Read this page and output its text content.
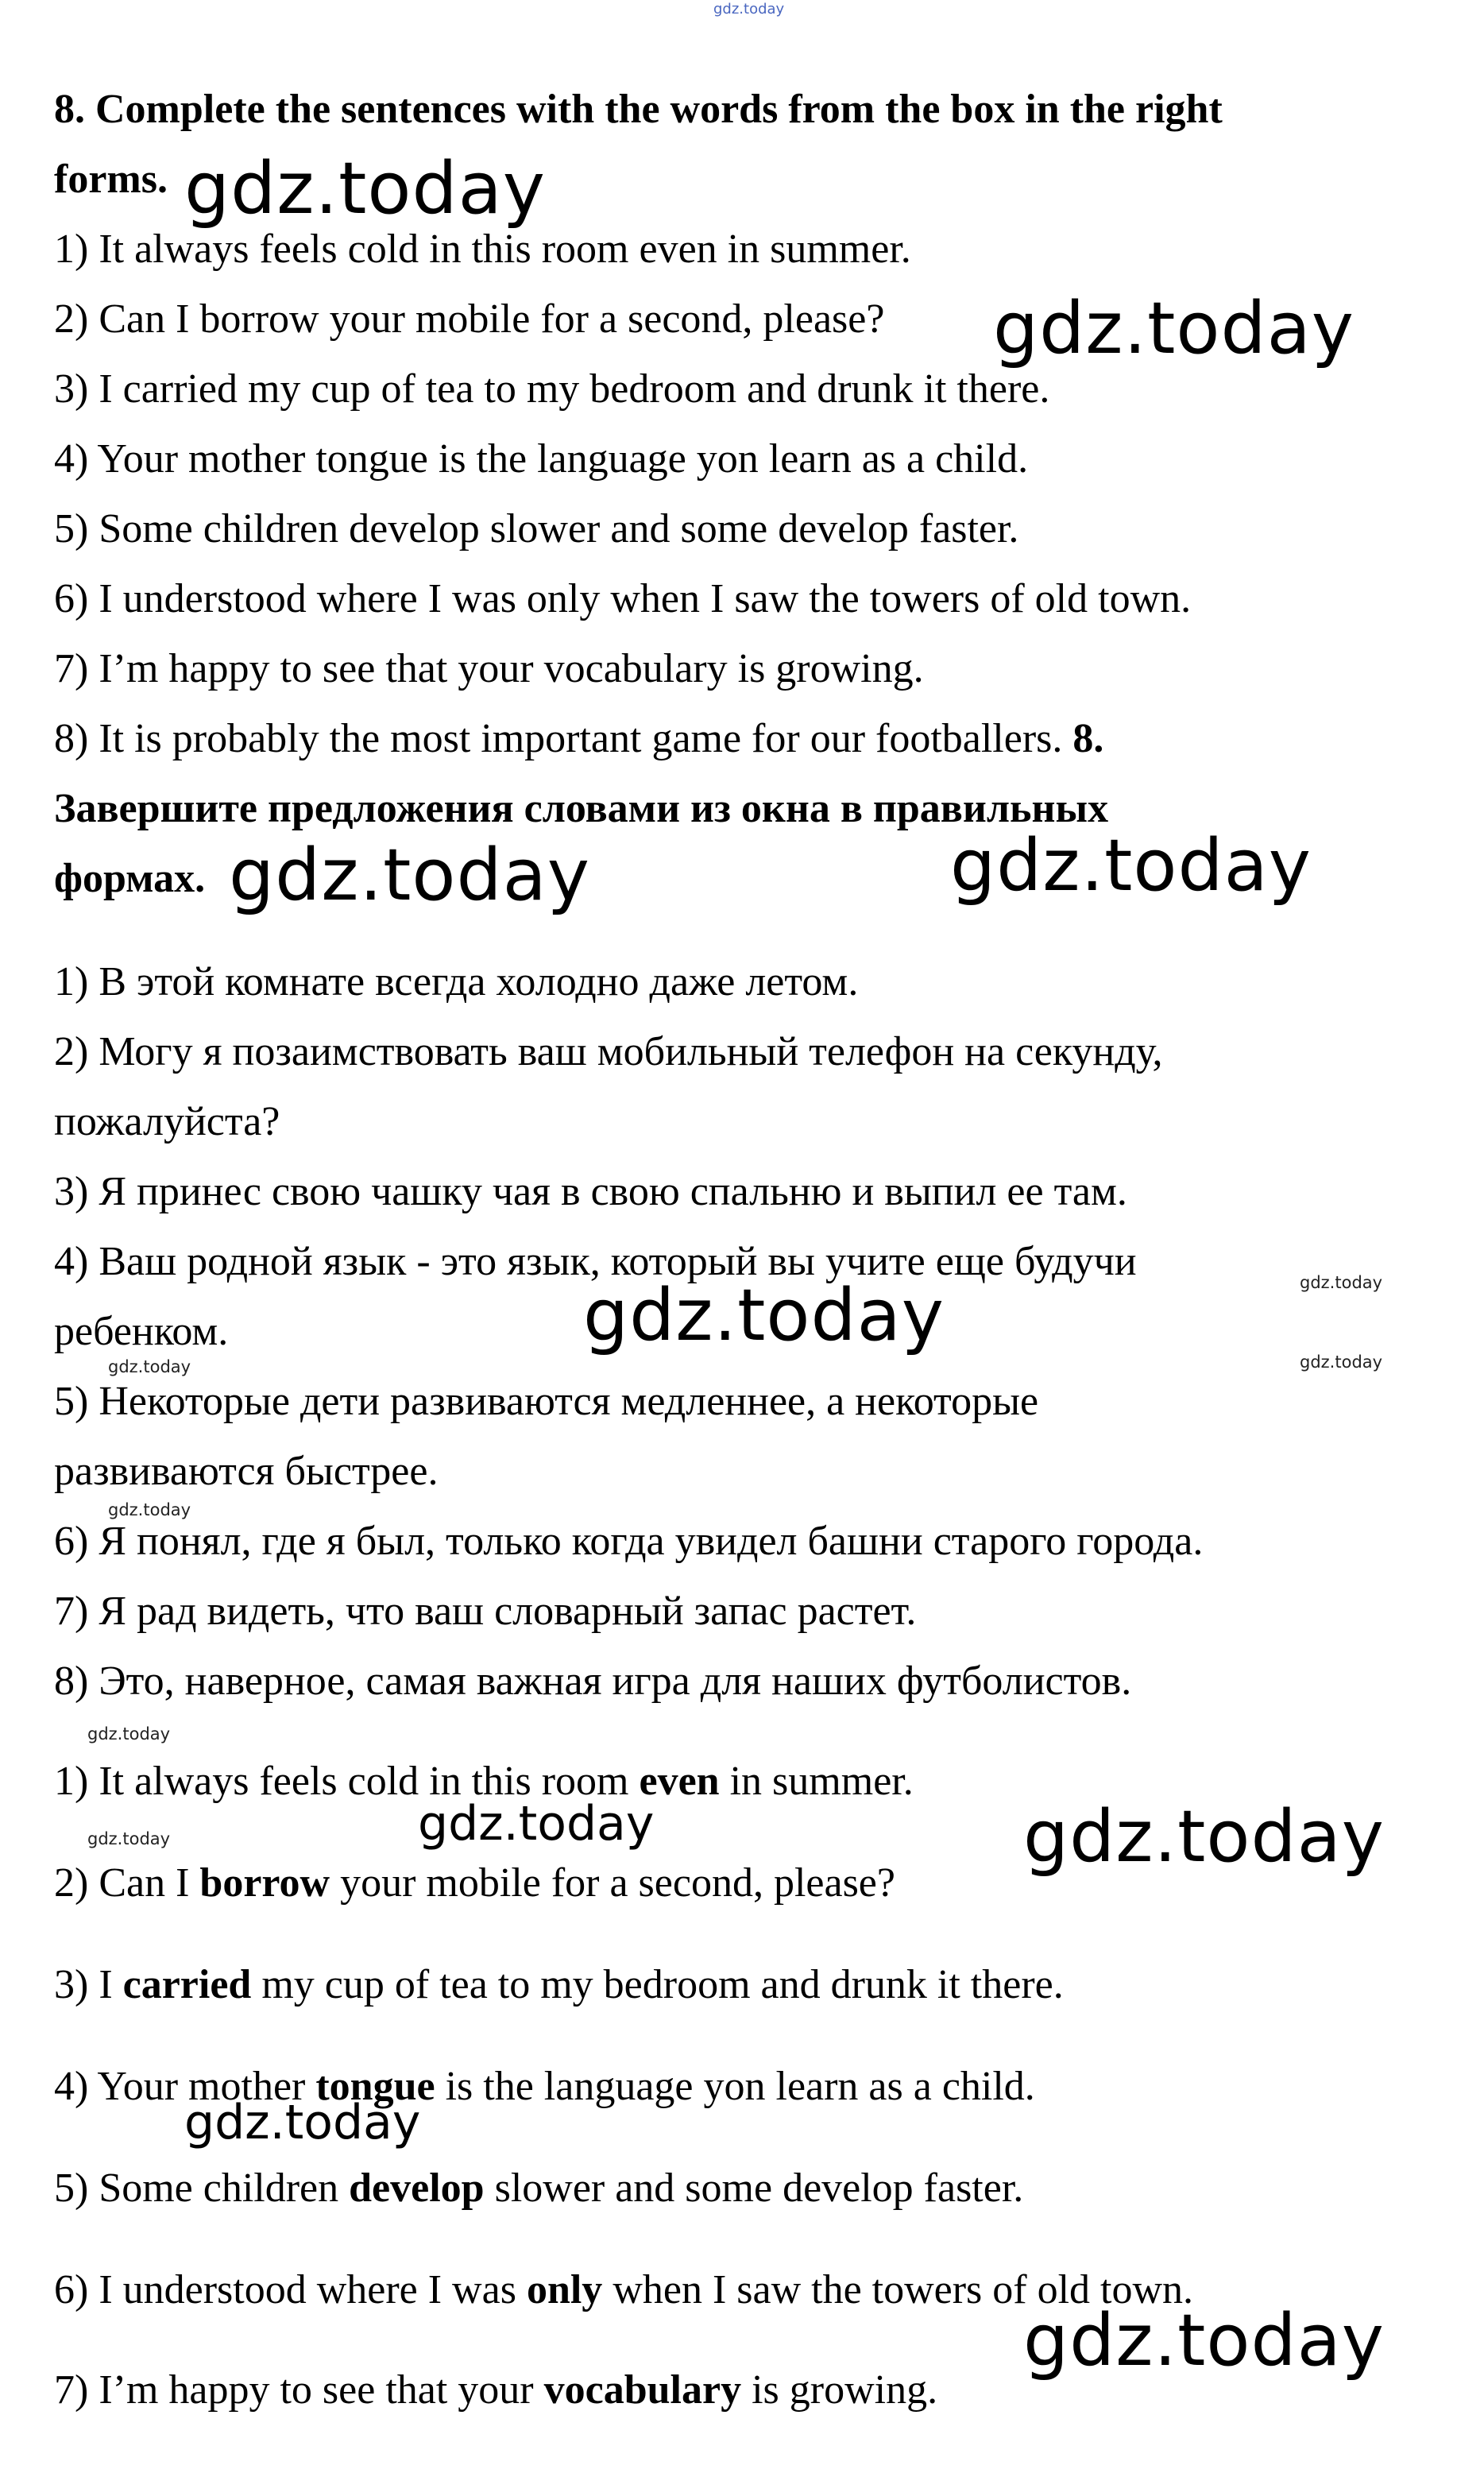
gdz.today

8. Complete the sentences with the words from the box in the right

forms.

1) It always feels cold in this room even in summer.

2) Can I borrow your mobile for a second, please?

3) I carried my cup of tea to my bedroom and drunk it there.

4) Your mother tongue is the language yon learn as a child.

5) Some children develop slower and some develop faster.

6) I understood where I was only when I saw the towers of old town.

7) I’m happy to see that your vocabulary is growing.

8) It is probably the most important game for our footballers. 8.

Завершите предложения словами из окна в правильных

формах.

1) В этой комнате всегда холодно даже летом.

2) Могу я позаимствовать ваш мобильный телефон на секунду,

пожалуйста?

3) Я принес свою чашку чая в свою спальню и выпил ее там.

4) Ваш родной язык - это язык, который вы учите еще будучи

ребенком.

5) Некоторые дети развиваются медленнее, а некоторые

развиваются быстрее.

6) Я понял, где я был, только когда увидел башни старого города.

7) Я рад видеть, что ваш словарный запас растет.

8) Это, наверное, самая важная игра для наших футболистов.

1) It always feels cold in this room even in summer.

2) Can I borrow your mobile for a second, please?

3) I carried my cup of tea to my bedroom and drunk it there.

4) Your mother tongue is the language yon learn as a child.

5) Some children develop slower and some develop faster.

6) I understood where I was only when I saw the towers of old town.

7) I’m happy to see that your vocabulary is growing.

gdz.today
gdz.today
gdz.today	gdz.today
gdz.today	gdz.today
gdz.today	gdz.today
gdz.today
gdz.today
gdz.today	gdz.today	gdz.today
gdz.today
gdz.today
